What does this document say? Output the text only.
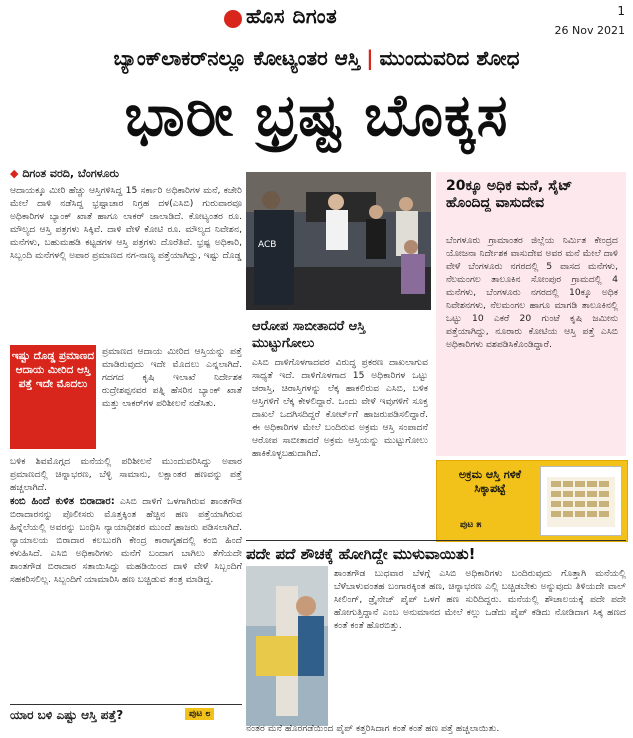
ಹೊಸ ದಿಗಂತ	1
26 Nov 2021
ಬ್ಯಾಂಕ್‌ಲಾಕರ್‌ನಲ್ಲೂ ಕೋಟ್ಯಂತರ ಆಸ್ತಿ | ಮುಂದುವರಿದ ಶೋಧ
ಭಾರೀ ಭ್ರಷ್ಟ ಬೊಕ್ಕಸ
◆ ದಿಗಂತ ವರದಿ, ಬೆಂಗಳೂರು
ಆದಾಯಕ್ಕೂ ಮೀರಿ ಹೆಚ್ಚು ಆಸ್ತಿಗಳಿಸಿದ್ದ 15 ಸರ್ಕಾರಿ ಅಧಿಕಾರಿಗಳ ಮನೆ, ಕಚೇರಿ ಮೇಲೆ ದಾಳಿ ನಡೆಸಿದ್ದ ಭ್ರಷ್ಟಾಚಾರ ನಿಗ್ರಹ ದಳ(ಎಸಿಬಿ) ಗುರುವಾರವೂ ಅಧಿಕಾರಿಗಳ ಬ್ಯಾಂಕ್ ಖಾತೆ ಹಾಗೂ ಲಾಕರ್ ಜಾಲಾಡಿದೆ. ಕೋಟ್ಯಂತರ ರೂ. ಮೌಲ್ಯದ ಆಸ್ತಿ ಪತ್ರಗಳು ಸಿಕ್ಕಿವೆ. ದಾಳಿ ವೇಳೆ ಕೋಟಿ ರೂ. ಮೌಲ್ಯದ ನಿವೇಶನ, ಮನೆಗಳು, ಬಹುಮಹಡಿ ಕಟ್ಟಡಗಳ ಆಸ್ತಿ ಪತ್ರಗಳು ದೊರೆತಿವೆ. ಭ್ರಷ್ಟ ಅಧಿಕಾರಿ, ಸಿಬ್ಬಂದಿ ಮನೆಗಳಲ್ಲಿ ಅಪಾರ ಪ್ರಮಾಣದ ನಗ-ನಾಣ್ಯ ಪತ್ತೆಯಾಗಿದ್ದು, ಇಷ್ಟು ದೊಡ್ಡ
ಇಷ್ಟು ದೊಡ್ಡ ಪ್ರಮಾಣದ ಆದಾಯ ಮೀರಿದ ಆಸ್ತಿ ಪತ್ತೆ ಇದೇ ಮೊದಲು
ಪ್ರಮಾಣದ ಆದಾಯ ಮೀರಿದ ಆಸ್ತಿಯನ್ನು ಪತ್ತೆ ಮಾಡಿರುವುದು ಇದೇ ಮೊದಲು ಎನ್ನಲಾಗಿದೆ. ಗದಗದ ಕೃಷಿ ಇಲಾಖೆ ನಿರ್ದೇಶಕ ರುದ್ರೇಶಪ್ಪನವರ ಪತ್ನಿ ಹೆಸರಿನ ಬ್ಯಾಂಕ್ ಖಾತೆ ಮತ್ತು ಲಾಕರ್‌ಗಳ ಪರಿಶೀಲನೆ ನಡೆಸಿತು.
ಬಳಿಕ ಶಿವಮೊಗ್ಗದ ಮನೆಯಲ್ಲಿ ಪರಿಶೀಲನೆ ಮುಂದುವರಿಸಿದ್ದು ಅಪಾರ ಪ್ರಮಾಣದಲ್ಲಿ ಚಿನ್ನಾಭರಣ, ಬೆಳ್ಳಿ ಸಾಮಾನು, ಲಕ್ಷಾಂತರ ಹಣವನ್ನು ಪತ್ತೆ ಹಚ್ಚಲಾಗಿದೆ.
ಕಂಬಿ ಹಿಂದೆ ಕುಳಿತ ಬಿರಾದಾರ: ಎಸಿಬಿ ದಾಳಿಗೆ ಒಳಗಾಗಿರುವ ಶಾಂತಗೌಡ ಬಿರಾದಾರನನ್ನು ಪೊಲೀಸರು ಮೊತ್ತಕ್ಕಿಂತ ಹೆಚ್ಚಿನ ಹಣ ಪತ್ತೆಯಾಗಿರುವ ಹಿನ್ನೆಲೆಯಲ್ಲಿ ಅವರನ್ನು ಬಂಧಿಸಿ ನ್ಯಾಯಾಧೀಶರ ಮುಂದೆ ಹಾಜರು ಪಡಿಸಲಾಗಿದೆ. ನ್ಯಾಯಾಲಯ ಬಿರಾದಾರ ಕಲಬುರಗಿ ಕೇಂದ್ರ ಕಾರಾಗೃಹದಲ್ಲಿ ಕಂಬಿ ಹಿಂದೆ ಕಳುಹಿಸಿದೆ. ಎಸಿಬಿ ಅಧಿಕಾರಿಗಳು ಮನೆಗೆ ಬಂದಾಗ ಬಾಗಿಲು ತೆಗೆಯದೇ ಶಾಂತಗೌಡ ಬಿರಾದಾರ ಸತಾಯಿಸಿದ್ದು ಮಹಡಿಯಿಂದ ದಾಳಿ ವೇಳೆ ಸಿಬ್ಬಂದಿಗೆ ಸಹಕರಿಸಲಿಲ್ಲ. ಸಿಬ್ಬಂದಿಗೆ ಯಾಮಾರಿಸಿ ಹಣ ಬಚ್ಚಿಡುವ ತಂತ್ರ ಮಾಡಿದ್ದ.
ಯಾರ ಬಳಿ ಎಷ್ಟು ಆಸ್ತಿ ಪತ್ತೆ?	ಪುಟ ೮
ACB
ಆರೋಪ ಸಾಬೀತಾದರೆ ಆಸ್ತಿ ಮುಟ್ಟುಗೋಲು
ಎಸಿಬಿ ದಾಳಿಗೊಳಗಾದವರ ವಿರುದ್ಧ ಪ್ರಕರಣ ದಾಖಲಾಗುವ ಸಾಧ್ಯತೆ ಇದೆ. ದಾಳಿಗೊಳಗಾದ 15 ಅಧಿಕಾರಿಗಳ ಒಟ್ಟು ಚರಾಸ್ತಿ, ಚಿರಾಸ್ತಿಗಳನ್ನು ಲೆಕ್ಕ ಹಾಕಲಿರುವ ಎಸಿಬಿ, ಬಳಿಕ ಆಸ್ತಿಗಳಿಗೆ ಲೆಕ್ಕ ಕೇಳಲಿದ್ದಾರೆ. ಒಂದು ವೇಳೆ ಇವುಗಳಿಗೆ ಸೂಕ್ತ ದಾಖಲೆ ಒದಗಿಸದಿದ್ದರೆ ಕೋರ್ಟ್‌ಗೆ ಹಾಜರುಪಡಿಸಲಿದ್ದಾರೆ. ಈ ಅಧಿಕಾರಿಗಳ ಮೇಲೆ ಬಂದಿರುವ ಅಕ್ರಮ ಆಸ್ತಿ ಸಂಪಾದನೆ ಆರೋಪ ಸಾಬೀತಾದರೆ ಅಕ್ರಮ ಆಸ್ತಿಯನ್ನು ಮುಟ್ಟುಗೋಲು ಹಾಕಿಕೊಳ್ಳಬಹುದಾಗಿದೆ.
20ಕ್ಕೂ ಅಧಿಕ ಮನೆ, ಸೈಟ್ ಹೊಂದಿದ್ದ ವಾಸುದೇವ
ಬೆಂಗಳೂರು ಗ್ರಾಮಾಂತರ ಜಿಲ್ಲೆಯ ನಿರ್ಮಿತ ಕೇಂದ್ರದ ಯೋಜನಾ ನಿರ್ದೇಶಕ ವಾಸುದೇವ ಅವರ ಮನೆ ಮೇಲೆ ದಾಳಿ ವೇಳೆ ಬೆಂಗಳೂರು ನಗರದಲ್ಲಿ 5 ವಾಸದ ಮನೆಗಳು, ನೆಲಮಂಗಲ ತಾಲೂಕಿನ ಸೋಂಪುರ ಗ್ರಾಮದಲ್ಲಿ 4 ಮನೆಗಳು, ಬೆಂಗಳೂರು ನಗರದಲ್ಲಿ 10ಕ್ಕೂ ಅಧಿಕ ನಿವೇಶನಗಳು, ನೆಲಮಂಗಲ ಹಾಗೂ ಮಾಗಡಿ ತಾಲೂಕಿನಲ್ಲಿ ಒಟ್ಟು 10 ಎಕರೆ 20 ಗುಂಟೆ ಕೃಷಿ ಜಮೀನು ಪತ್ತೆಯಾಗಿದ್ದು, ನೂರಾರು ಕೋಟಿಯ ಆಸ್ತಿ ಪತ್ತೆ ಎಸಿಬಿ ಅಧಿಕಾರಿಗಳು ವಶಪಡಿಸಿಕೊಂಡಿದ್ದಾರೆ.
ಅಕ್ರಮ ಆಸ್ತಿ ಗಳಿಕೆ ಸಿಕ್ಕಾಪಟ್ಟೆ
ಪುಟ ೫
ಪದೇ ಪದೆ ಶೌಚಕ್ಕೆ ಹೋಗಿದ್ದೇ ಮುಳುವಾಯಿತು!
ಶಾಂತಗೌಡ ಬುಧವಾರ ಬೆಳಗ್ಗೆ ಎಸಿಬಿ ಅಧಿಕಾರಿಗಳು ಬಂದಿರುವುದು ಗೊತ್ತಾಗಿ ಮನೆಯಲ್ಲಿ ಬೆಳೆಬಾಳುವಂತಹ ಬಂಗಾರಕ್ಕಿಂತ ಹಣ, ಚಿನ್ನಾಭರಣ ಎಲ್ಲಿ ಬಚ್ಚಿಡಬೇಕು ಅನ್ನುವುದು ತಿಳಿಯದೇ ವಾಲ್ ಸೀಲಿಂಗ್, ಡ್ರೈನೇಜ್ ಪೈಪ್ ಒಳಗೆ ಹಣ ಸುರಿದಿದ್ದರು. ಮನೆಯಲ್ಲಿ ಶೌಚಾಲಯಕ್ಕೆ ಪದೇ ಪದೇ ಹೋಗುತ್ತಿದ್ದಾನೆ ಎಂಬ ಅನುಮಾನದ ಮೇಲೆ ಕಲ್ಲು ಒಡೆದು ಪೈಪ್ ಕಡಿದು ನೋಡಿದಾಗ ಸಿಕ್ಕ ಹಣದ ಕಂತೆ ಕಂತೆ ಹೊರಬಿತ್ತು.
ನಂತರ ಮನೆ ಹೊರಗಡೆಯಿಂದ ಪೈಪ್ ಕತ್ತರಿಸಿದಾಗ ಕಂತೆ ಕಂತೆ ಹಣ ಪತ್ತೆ ಹಚ್ಚಲಾಯಿತು.
